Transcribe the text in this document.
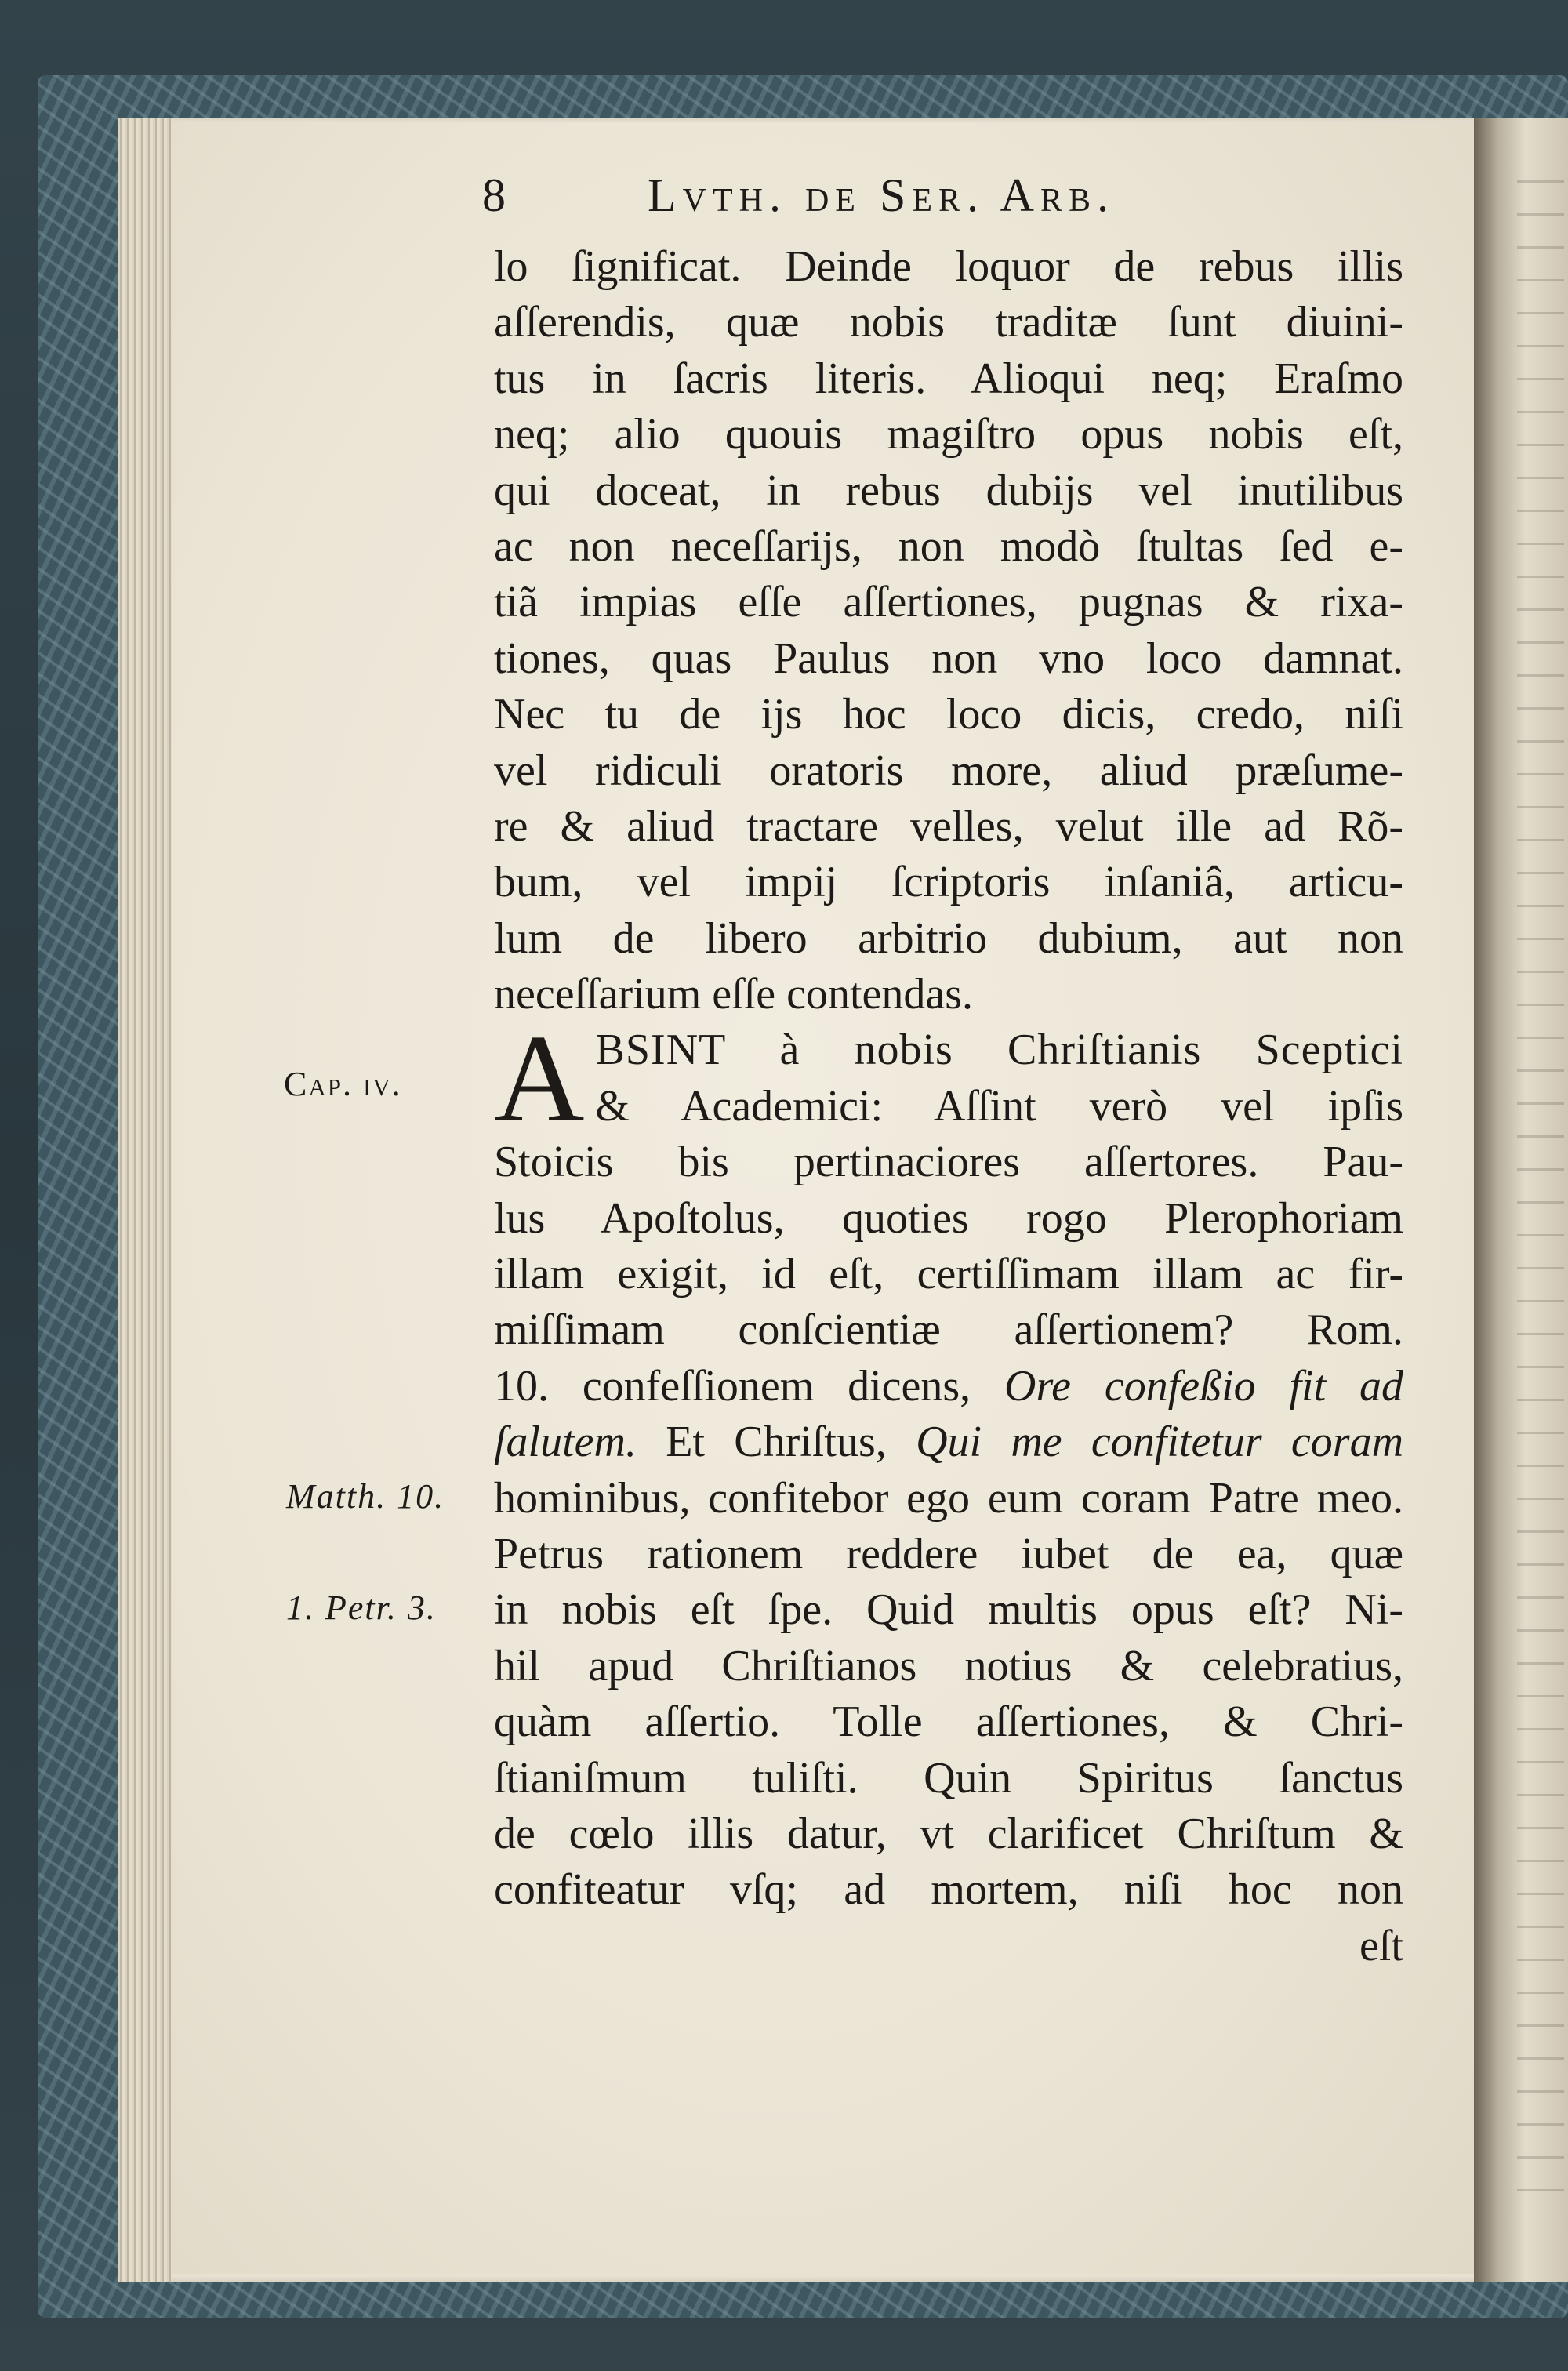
8	Lvth. de Ser. Arb.
Cap. iv.
Matth. 10.
1. Petr. 3.
lo ſignificat. Deinde loquor de rebus illis
aſſerendis, quæ nobis traditæ ſunt diuini-
tus in ſacris literis. Alioqui neq; Eraſmo
neq; alio quouis magiſtro opus nobis eſt,
qui doceat, in rebus dubijs vel inutilibus
ac non neceſſarijs, non modò ſtultas ſed e-
tiã impias eſſe aſſertiones, pugnas & rixa-
tiones, quas Paulus non vno loco damnat.
Nec tu de ijs hoc loco dicis, credo, niſi
vel ridiculi oratoris more, aliud præſume-
re & aliud tractare velles, velut ille ad Rõ-
bum, vel impij ſcriptoris inſaniâ, articu-
lum de libero arbitrio dubium, aut non
neceſſarium eſſe contendas.
A BSINT à nobis Chriſtianis Sceptici
& Academici: Aſſint verò vel ipſis
Stoicis bis pertinaciores aſſertores. Pau-
lus Apoſtolus, quoties rogo Plerophoriam
illam exigit, id eſt, certiſſimam illam ac fir-
miſſimam conſcientiæ aſſertionem? Rom.
10. confeſſionem dicens, Ore confeßio fit ad
ſalutem. Et Chriſtus, Qui me confitetur coram
hominibus, confitebor ego eum coram Patre meo.
Petrus rationem reddere iubet de ea, quæ
in nobis eſt ſpe. Quid multis opus eſt? Ni-
hil apud Chriſtianos notius & celebratius,
quàm aſſertio. Tolle aſſertiones, & Chri-
ſtianiſmum tuliſti. Quin Spiritus ſanctus
de cœlo illis datur, vt clarificet Chriſtum &
confiteatur vſq; ad mortem, niſi hoc non
eſt
